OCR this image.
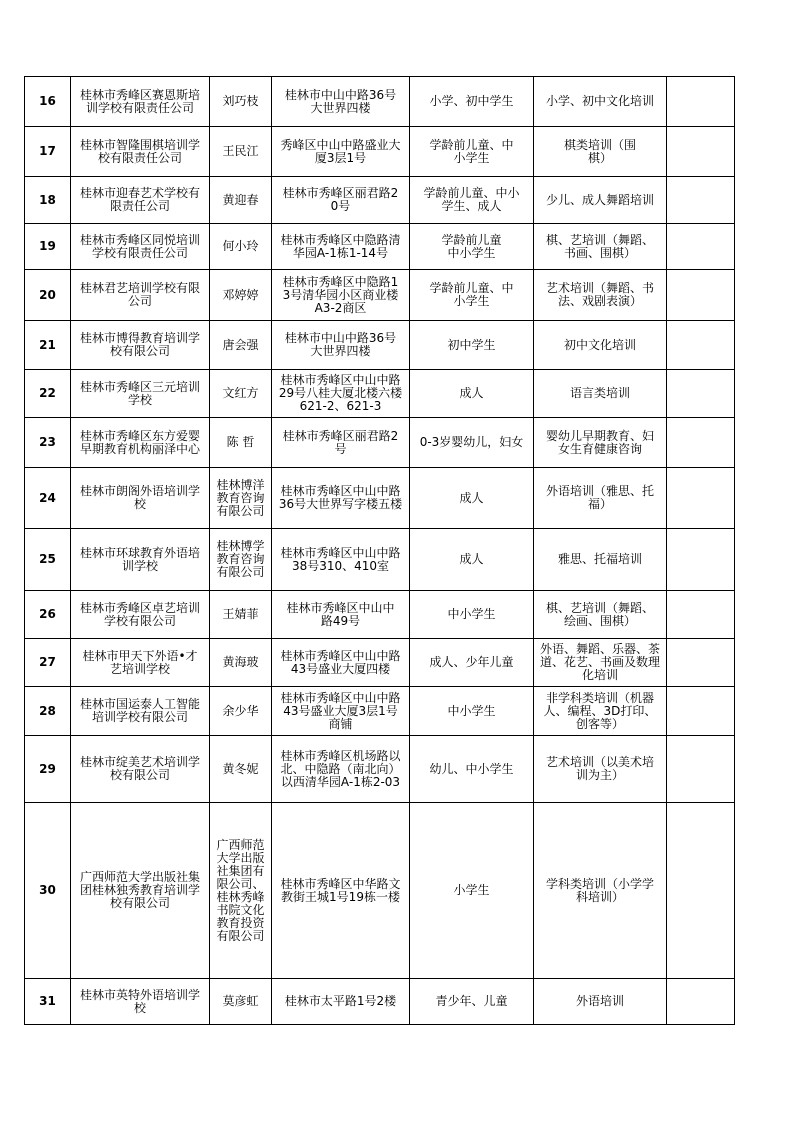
16	桂林市秀峰区赛恩斯培训学校有限责任公司	刘巧枝	桂林市中山中路36号大世界四楼	小学、初中学生	小学、初中文化培训	
17	桂林市智隆围棋培训学校有限责任公司	王民江	秀峰区中山中路盛业大厦3层1号	学龄前儿童、中小学生	棋类培训（围棋）	
18	桂林市迎春艺术学校有限责任公司	黄迎春	桂林市秀峰区丽君路20号	学龄前儿童、中小学生、成人	少儿、成人舞蹈培训	
19	桂林市秀峰区同悦培训学校有限责任公司	何小玲	桂林市秀峰区中隐路清华园A-1栋1-14号	学龄前儿童中小学生	棋、艺培训（舞蹈、书画、围棋）	
20	桂林君艺培训学校有限公司	邓婷婷	桂林市秀峰区中隐路13号清华园小区商业楼A3-2商区	学龄前儿童、中小学生	艺术培训（舞蹈、书法、戏剧表演）	
21	桂林市博得教育培训学校有限公司	唐会强	桂林市中山中路36号大世界四楼	初中学生	初中文化培训	
22	桂林市秀峰区三元培训学校	文红方	桂林市秀峰区中山中路29号八桂大厦北楼六楼621-2、621-3	成人	语言类培训	
23	桂林市秀峰区东方爱婴早期教育机构丽泽中心	陈 哲	桂林市秀峰区丽君路2号	0-3岁婴幼儿，妇女	婴幼儿早期教育、妇女生育健康咨询	
24	桂林市朗阁外语培训学校	桂林博洋教育咨询有限公司	桂林市秀峰区中山中路36号大世界写字楼五楼	成人	外语培训（雅思、托福）	
25	桂林市环球教育外语培训学校	桂林博学教育咨询有限公司	桂林市秀峰区中山中路38号310、410室	成人	雅思、托福培训	
26	桂林市秀峰区卓艺培训学校有限公司	王婧菲	桂林市秀峰区中山中路49号	中小学生	棋、艺培训（舞蹈、绘画、围棋）	
27	桂林市甲天下外语•才艺培训学校	黄海玻	桂林市秀峰区中山中路43号盛业大厦四楼	成人、少年儿童	外语、舞蹈、乐器、茶道、花艺、书画及数理化培训	
28	桂林市国运泰人工智能培训学校有限公司	余少华	桂林市秀峰区中山中路43号盛业大厦3层1号商铺	中小学生	非学科类培训（机器人、编程、3D打印、创客等）	
29	桂林市绽美艺术培训学校有限公司	黄冬妮	桂林市秀峰区机场路以北、中隐路（南北向）以西清华园A-1栋2-03	幼儿、中小学生	艺术培训（以美术培训为主）	
30	广西师范大学出版社集团桂林独秀教育培训学校有限公司	广西师范大学出版社集团有限公司、桂林秀峰书院文化教育投资有限公司	桂林市秀峰区中华路文教街王城1号19栋一楼	小学生	学科类培训（小学学科培训）	
31	桂林市英特外语培训学校	莫彦虹	桂林市太平路1号2楼	青少年、儿童	外语培训	
